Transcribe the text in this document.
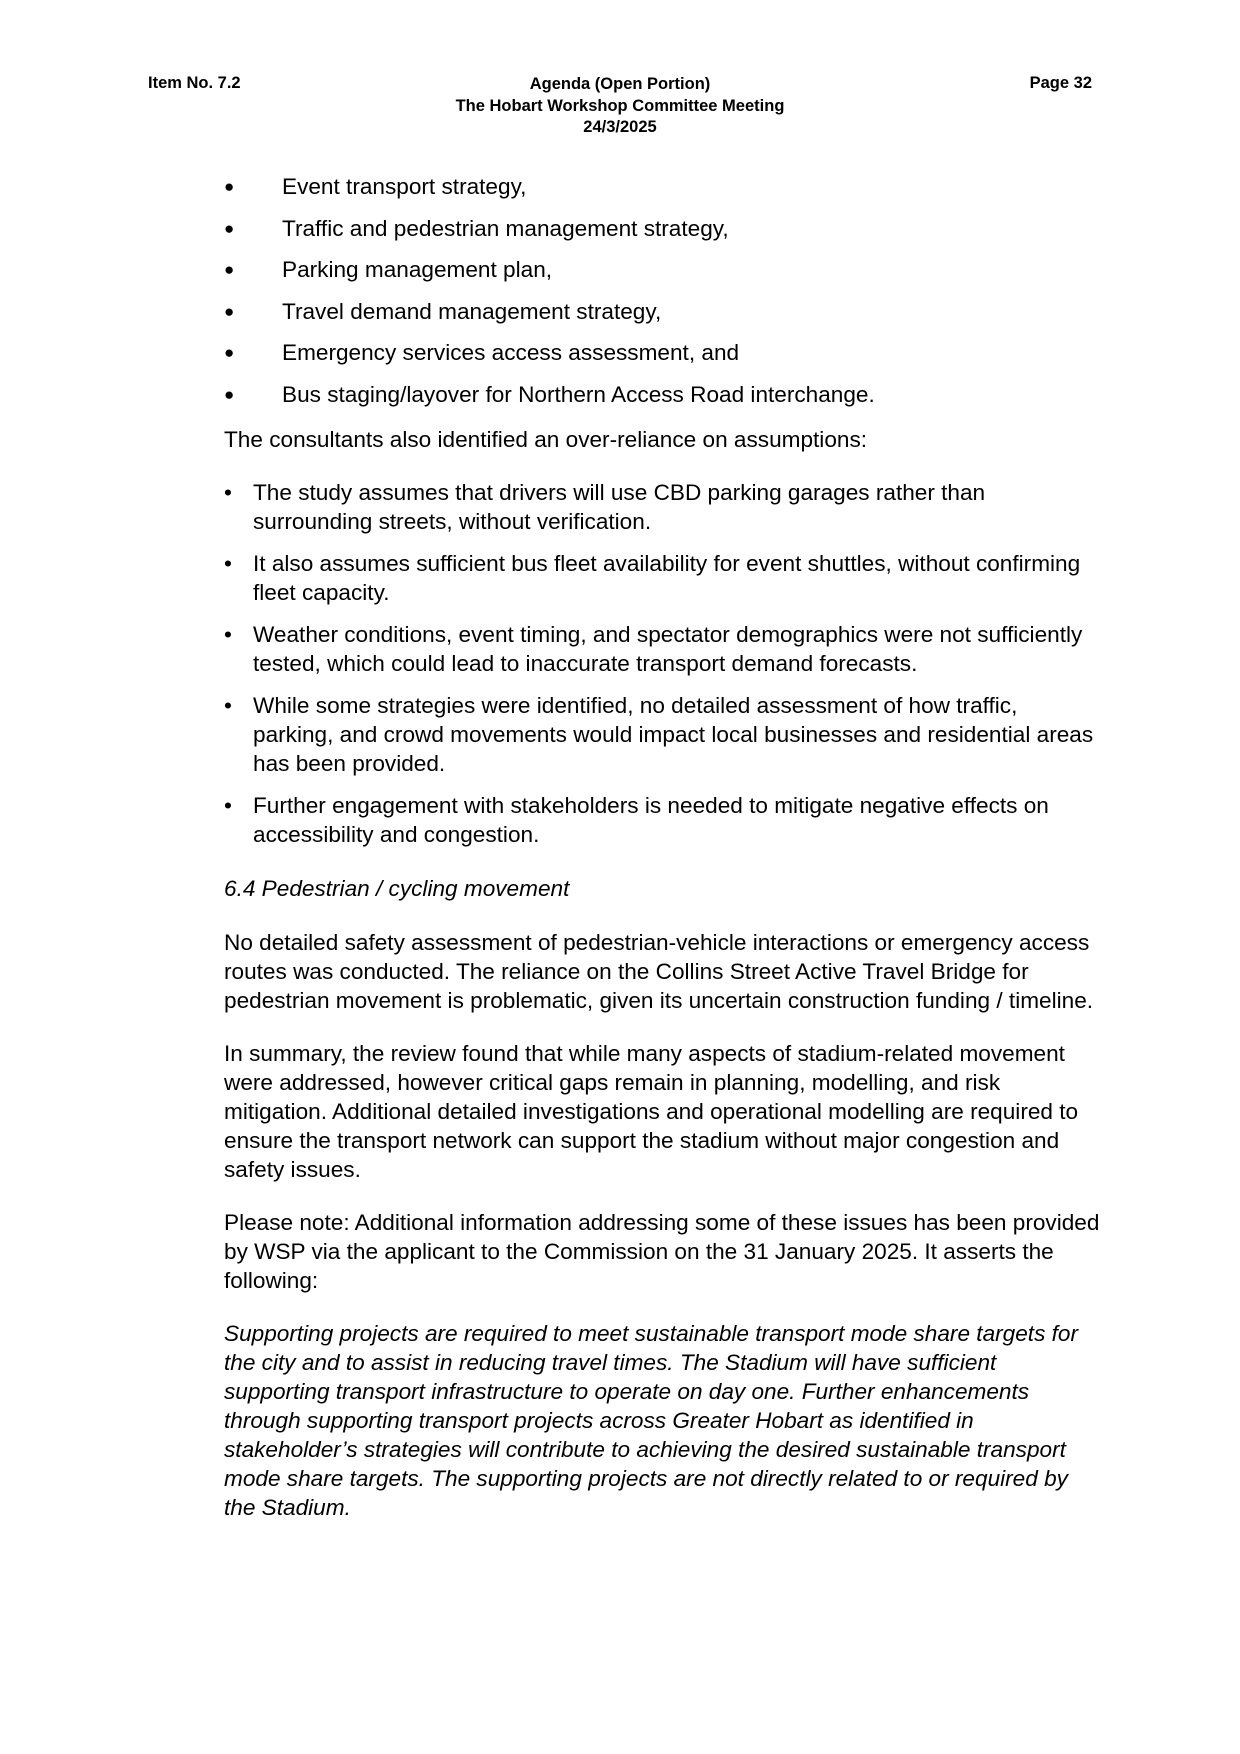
Item No. 7.2	Agenda (Open Portion)
The Hobart Workshop Committee Meeting
24/3/2025
Page 32
● Event transport strategy,
● Traffic and pedestrian management strategy,
● Parking management plan,
● Travel demand management strategy,
● Emergency services access assessment, and
● Bus staging/layover for Northern Access Road interchange.

The consultants also identified an over-reliance on assumptions:

• The study assumes that drivers will use CBD parking garages rather than surrounding streets, without verification.
• It also assumes sufficient bus fleet availability for event shuttles, without confirming fleet capacity.
• Weather conditions, event timing, and spectator demographics were not sufficiently tested, which could lead to inaccurate transport demand forecasts.
• While some strategies were identified, no detailed assessment of how traffic, parking, and crowd movements would impact local businesses and residential areas has been provided.
• Further engagement with stakeholders is needed to mitigate negative effects on accessibility and congestion.

6.4 Pedestrian / cycling movement

No detailed safety assessment of pedestrian-vehicle interactions or emergency access routes was conducted. The reliance on the Collins Street Active Travel Bridge for pedestrian movement is problematic, given its uncertain construction funding / timeline.

In summary, the review found that while many aspects of stadium-related movement were addressed, however critical gaps remain in planning, modelling, and risk mitigation. Additional detailed investigations and operational modelling are required to ensure the transport network can support the stadium without major congestion and safety issues.

Please note: Additional information addressing some of these issues has been provided by WSP via the applicant to the Commission on the 31 January 2025. It asserts the following:

Supporting projects are required to meet sustainable transport mode share targets for the city and to assist in reducing travel times. The Stadium will have sufficient supporting transport infrastructure to operate on day one. Further enhancements through supporting transport projects across Greater Hobart as identified in stakeholder’s strategies will contribute to achieving the desired sustainable transport mode share targets. The supporting projects are not directly related to or required by the Stadium.
